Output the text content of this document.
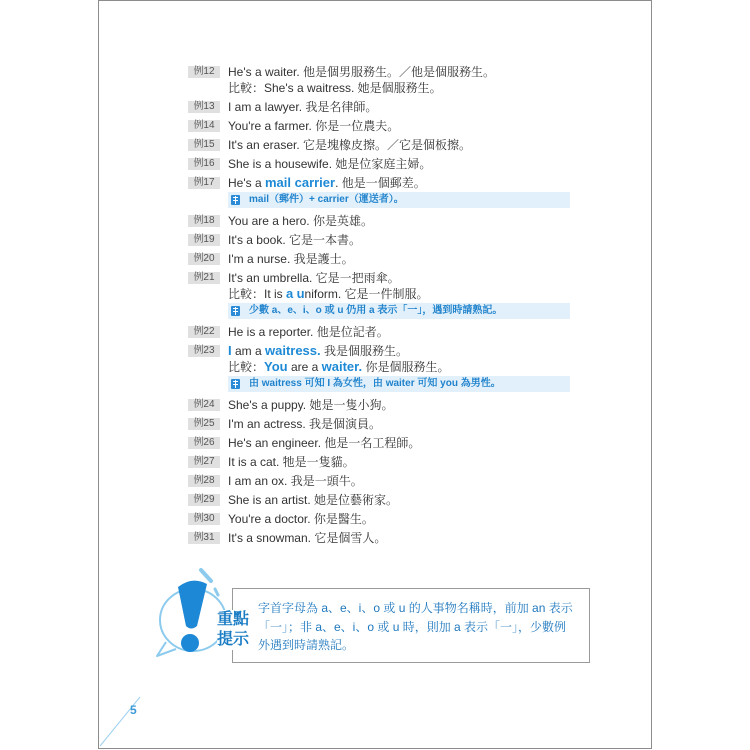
例12	He's a waiter. 他是個男服務生。／他是個服務生。
比較：She's a waitress. 她是個服務生。
例13	I am a lawyer. 我是名律師。
例14	You're a farmer. 你是一位農夫。
例15	It's an eraser. 它是塊橡皮擦。／它是個板擦。
例16	She is a housewife. 她是位家庭主婦。
例17	He's a mail carrier. 他是一個郵差。
mail（郵件）+ carrier（運送者）。
例18	You are a hero. 你是英雄。
例19	It's a book. 它是一本書。
例20	I'm a nurse. 我是護士。
例21	It's an umbrella. 它是一把雨傘。
比較：It is a uniform. 它是一件制服。
少數 a、e、i、o 或 u 仍用 a 表示「一」，遇到時請熟記。
例22	He is a reporter. 他是位記者。
例23	I am a waitress. 我是個服務生。
比較：You are a waiter. 你是個服務生。
由 waitress 可知 I 為女性，由 waiter 可知 you 為男性。
例24	She's a puppy. 她是一隻小狗。
例25	I'm an actress. 我是個演員。
例26	He's an engineer. 他是一名工程師。
例27	It is a cat. 牠是一隻貓。
例28	I am an ox. 我是一頭牛。
例29	She is an artist. 她是位藝術家。
例30	You're a doctor. 你是醫生。
例31	It's a snowman. 它是個雪人。
重點
提示
字首字母為 a、e、i、o 或 u 的人事物名稱時，前加 an 表示
「一」；非 a、e、i、o 或 u 時，則加 a 表示「一」，少數例
外遇到時請熟記。
5
